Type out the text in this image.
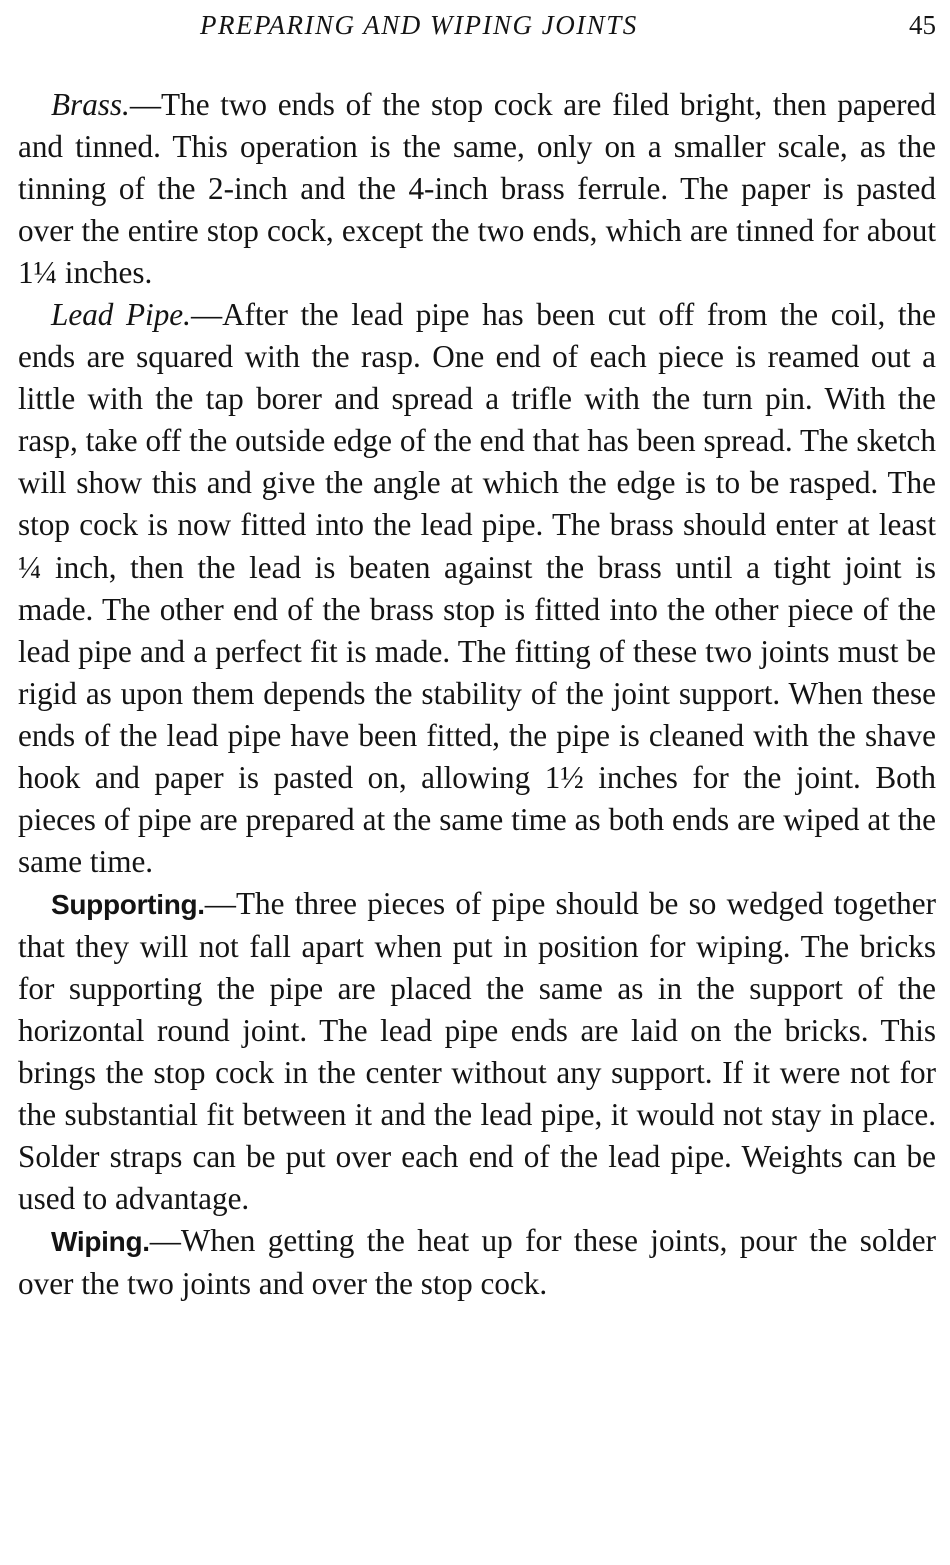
PREPARING AND WIPING JOINTS	45

Brass.—The two ends of the stop cock are filed bright, then papered and tinned. This operation is the same, only on a smaller scale, as the tinning of the 2-inch and the 4-inch brass ferrule. The paper is pasted over the entire stop cock, except the two ends, which are tinned for about 1¼ inches.

Lead Pipe.—After the lead pipe has been cut off from the coil, the ends are squared with the rasp. One end of each piece is reamed out a little with the tap borer and spread a trifle with the turn pin. With the rasp, take off the outside edge of the end that has been spread. The sketch will show this and give the angle at which the edge is to be rasped. The stop cock is now fitted into the lead pipe. The brass should enter at least ¼ inch, then the lead is beaten against the brass until a tight joint is made. The other end of the brass stop is fitted into the other piece of the lead pipe and a perfect fit is made. The fitting of these two joints must be rigid as upon them depends the stability of the joint support. When these ends of the lead pipe have been fitted, the pipe is cleaned with the shave hook and paper is pasted on, allowing 1½ inches for the joint. Both pieces of pipe are prepared at the same time as both ends are wiped at the same time.

Supporting.—The three pieces of pipe should be so wedged together that they will not fall apart when put in position for wiping. The bricks for supporting the pipe are placed the same as in the support of the horizontal round joint. The lead pipe ends are laid on the bricks. This brings the stop cock in the center without any support. If it were not for the substantial fit between it and the lead pipe, it would not stay in place. Solder straps can be put over each end of the lead pipe. Weights can be used to advantage.

Wiping.—When getting the heat up for these joints, pour the solder over the two joints and over the stop cock.
